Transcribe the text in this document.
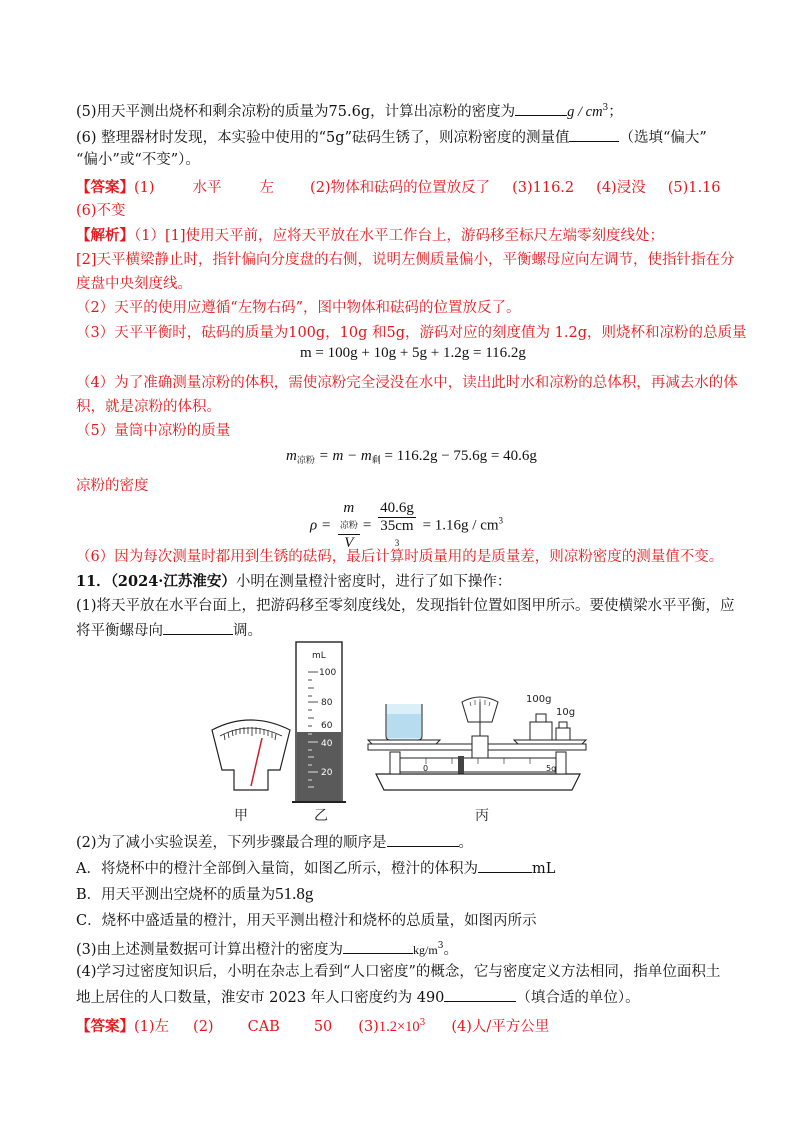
(5)用天平测出烧杯和剩余凉粉的质量为75.6g，计算出凉粉的密度为	g / $cm^3$；
(6) 整理器材时发现，本实验中使用的“5g”砝码生锈了，则凉粉密度的测量值	（选填“偏大”
“偏小”或“不变”）。
【答案】(1)	水平	左 (2)物体和砝码的位置放反了 (3)116.2 (4)浸没 (5)1.16
(6)不变
【解析】（1）[1]使用天平前，应将天平放在水平工作台上，游码移至标尺左端零刻度线处；
[2]天平横梁静止时，指针偏向分度盘的右侧，说明左侧质量偏小，平衡螺母应向左调节，使指针指在分
度盘中央刻度线。
（2）天平的使用应遵循“左物右码”，图中物体和砝码的位置放反了。
（3）天平平衡时，砝码的质量为100g，10g 和5g，游码对应的刻度值为 1.2g，则烧杯和凉粉的总质量
m = 100g + 10g + 5g + 1.2g = 116.2g
（4）为了准确测量凉粉的体积，需使凉粉完全浸没在水中，读出此时水和凉粉的总体积，再减去水的体
积，就是凉粉的体积。
（5）量筒中凉粉的质量
$m_{凉粉} = m - m_剩 = 116.2g - 75.6g = 40.6g$
凉粉的密度
ρ = m
凉粉
V = 40.6g
35cm
$3 = 1.16g / cm^3$
（6）因为每次测量时都用到生锈的砝码，最后计算时质量用的是质量差，则凉粉密度的测量值不变。
11．（2024·江苏淮安）小明在测量橙汁密度时，进行了如下操作：
(1)将天平放在水平台面上，把游码移至零刻度线处，发现指针位置如图甲所示。要使横梁水平平衡，应
将平衡螺母向	调。
mL
100
80
60
40
20
100g
10g
0	5g
甲	乙	丙
(2)为了减小实验误差，下列步骤最合理的顺序是	。
A．将烧杯中的橙汁全部倒入量筒，如图乙所示，橙汁的体积为	mL
B．用天平测出空烧杯的质量为51.8g
C．烧杯中盛适量的橙汁，用天平测出橙汁和烧杯的总质量，如图丙所示
(3)由上述测量数据可计算出橙汁的密度为	$kg/m^3$。
(4)学习过密度知识后，小明在杂志上看到“人口密度”的概念，它与密度定义方法相同，指单位面积土
地上居住的人口数量，淮安市 2023 年人口密度约为 490	（填合适的单位）。
【答案】(1)左 (2) CAB 50 $(3)1.2\times 10^3$ (4)人/平方公里
